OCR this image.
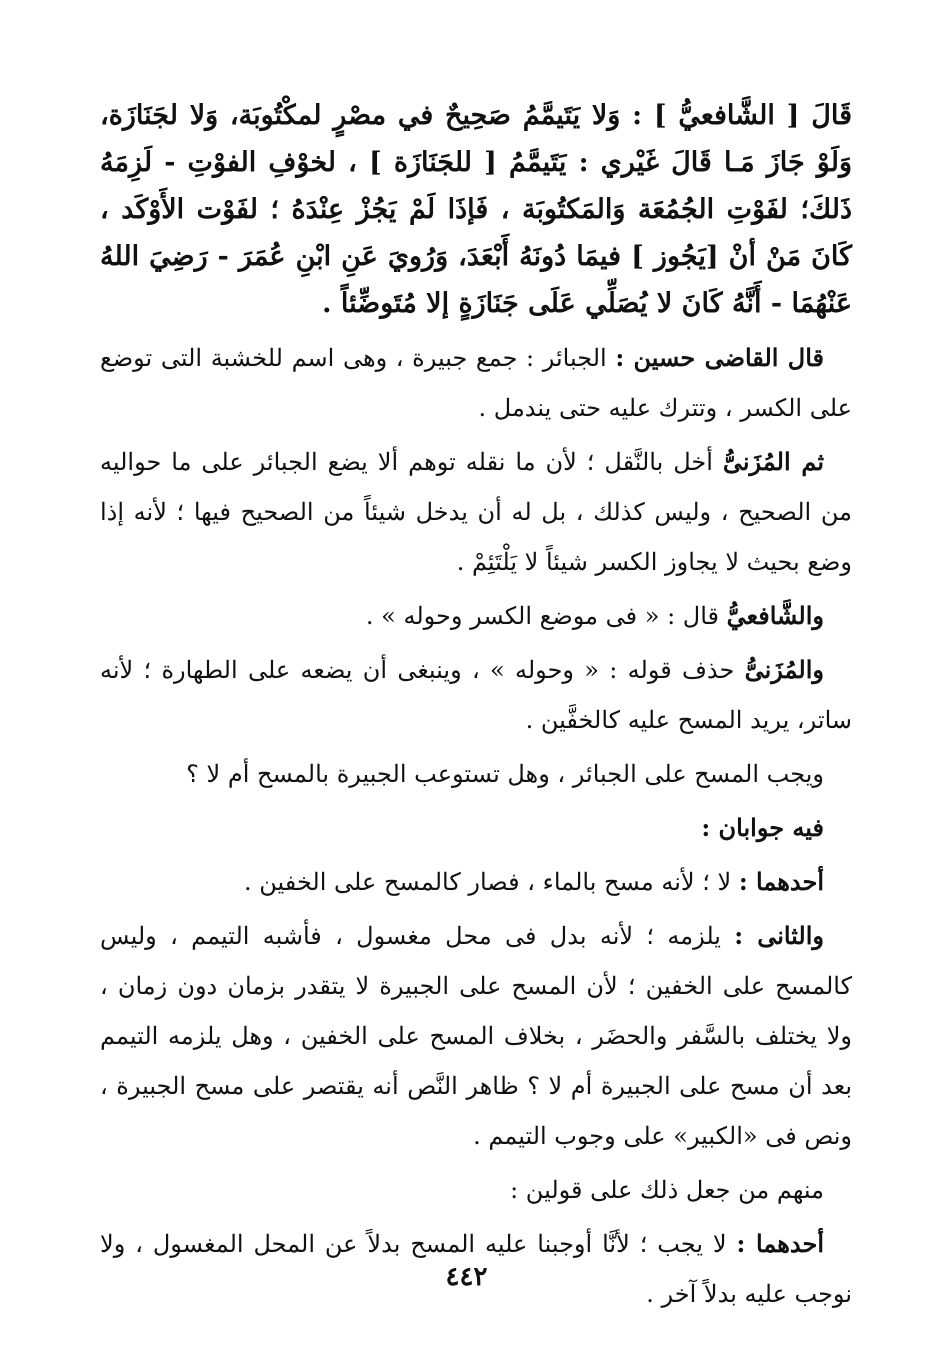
قَالَ [ الشَّافعيُّ ] : وَلا يَتَيمَّمُ صَحِيحٌ في مصْرٍ لمكْتُوبَة، وَلا لجَنَازَة، وَلَوْ جَازَ مَـا قَالَ غَيْري : يَتَيمَّمُ [ للجَنَازَة ] ، لخوْفِ الفوْتِ - لَزِمَهُ ذَلكَ؛ لفَوْتِ الجُمُعَة وَالمَكتُوبَة ، فَإذَا لَمْ يَجُزْ عِنْدَهُ ؛ لفَوْت الأَوْكَد ، كَانَ مَنْ أنْ [يَجُوز ] فيمَا دُونَهُ أَبْعَدَ، وَرُويَ عَنِ ابْنِ عُمَرَ - رَضِيَ اللهُ عَنْهُمَا - أَنَّهُ كَانَ لا يُصَلِّي عَلَى جَنَازَةٍ إلا مُتَوضِّئاً .

قال القاضى حسين : الجبائر : جمع جبيرة ، وهى اسم للخشبة التى توضع على الكسر ، وتترك عليه حتى يندمل .

ثم المُزَنىُّ أخل بالنَّقل ؛ لأن ما نقله توهم ألا يضع الجبائر على ما حواليه من الصحيح ، وليس كذلك ، بل له أن يدخل شيئاً من الصحيح فيها ؛ لأنه إذا وضع بحيث لا يجاوز الكسر شيئاً لا يَلْتَئِمْ .

والشَّافعيُّ قال : « فى موضع الكسر وحوله » .

والمُزَنىُّ حذف قوله : « وحوله » ، وينبغى أن يضعه على الطهارة ؛ لأنه ساتر، يريد المسح عليه كالخفَّين .

ويجب المسح على الجبائر ، وهل تستوعب الجبيرة بالمسح أم لا ؟

فيه جوابان :

أحدهما : لا ؛ لأنه مسح بالماء ، فصار كالمسح على الخفين .

والثانى : يلزمه ؛ لأنه بدل فى محل مغسول ، فأشبه التيمم ، وليس كالمسح على الخفين ؛ لأن المسح على الجبيرة لا يتقدر بزمان دون زمان ، ولا يختلف بالسَّفر والحضَر ، بخلاف المسح على الخفين ، وهل يلزمه التيمم بعد أن مسح على الجبيرة أم لا ؟ ظاهر النَّص أنه يقتصر على مسح الجبيرة ، ونص فى «الكبير» على وجوب التيمم .

منهم من جعل ذلك على قولين :

أحدهما : لا يجب ؛ لأنَّا أوجبنا عليه المسح بدلاً عن المحل المغسول ، ولا نوجب عليه بدلاً آخر .

٤٤٢
